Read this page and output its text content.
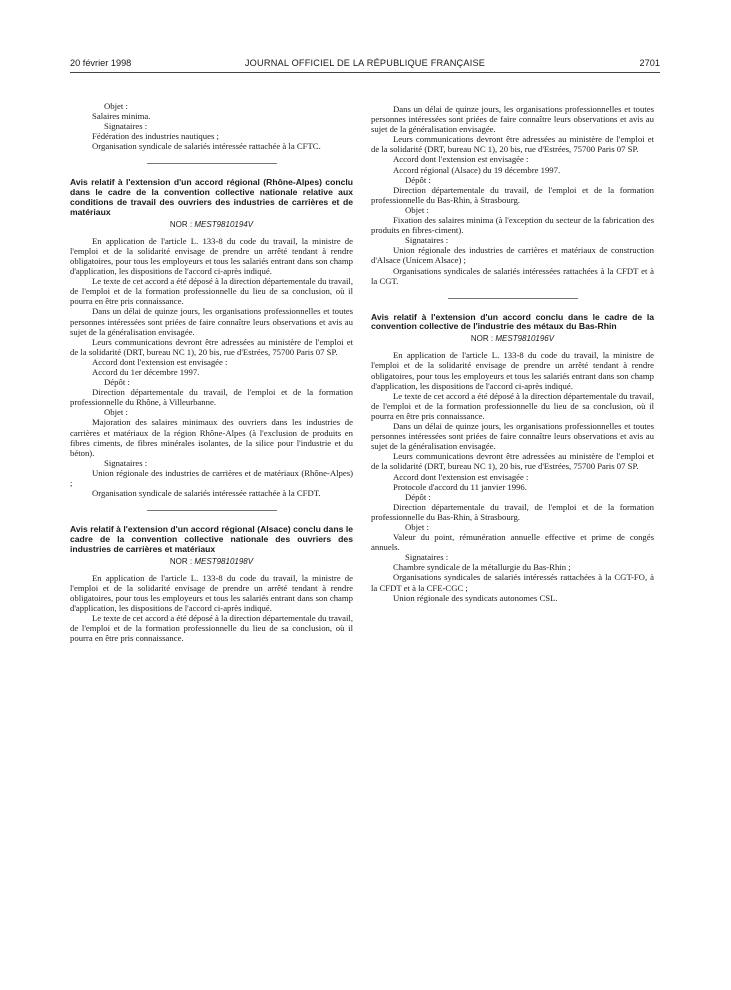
20 février 1998	JOURNAL OFFICIEL DE LA RÉPUBLIQUE FRANÇAISE	2701

Objet :

Salaires minima.

Signataires :

Fédération des industries nautiques ;

Organisation syndicale de salariés intéressée rattachée à la CFTC.

Avis relatif à l'extension d'un accord régional (Rhône-Alpes) conclu dans le cadre de la convention collective nationale relative aux conditions de travail des ouvriers des industries de carrières et de matériaux

NOR : MEST9810194V

En application de l'article L. 133-8 du code du travail, la ministre de l'emploi et de la solidarité envisage de prendre un arrêté tendant à rendre obligatoires, pour tous les employeurs et tous les salariés entrant dans son champ d'application, les dispositions de l'accord ci-après indiqué.

Le texte de cet accord a été déposé à la direction départementale du travail, de l'emploi et de la formation professionnelle du lieu de sa conclusion, où il pourra en être pris connaissance.

Dans un délai de quinze jours, les organisations professionnelles et toutes personnes intéressées sont priées de faire connaître leurs observations et avis au sujet de la généralisation envisagée.

Leurs communications devront être adressées au ministère de l'emploi et de la solidarité (DRT, bureau NC 1), 20 bis, rue d'Estrées, 75700 Paris 07 SP.

Accord dont l'extension est envisagée :

Accord du 1er décembre 1997.

Dépôt :

Direction départementale du travail, de l'emploi et de la formation professionnelle du Rhône, à Villeurbanne.

Objet :

Majoration des salaires minimaux des ouvriers dans les industries de carrières et matériaux de la région Rhône-Alpes (à l'exclusion de produits en fibres ciments, de fibres minérales isolantes, de la silice pour l'industrie et du béton).

Signataires :

Union régionale des industries de carrières et de matériaux (Rhône-Alpes) ;

Organisation syndicale de salariés intéressée rattachée à la CFDT.

Avis relatif à l'extension d'un accord régional (Alsace) conclu dans le cadre de la convention collective nationale des ouvriers des industries de carrières et matériaux

NOR : MEST9810198V

En application de l'article L. 133-8 du code du travail, la ministre de l'emploi et de la solidarité envisage de prendre un arrêté tendant à rendre obligatoires, pour tous les employeurs et tous les salariés entrant dans son champ d'application, les dispositions de l'accord ci-après indiqué.

Le texte de cet accord a été déposé à la direction départementale du travail, de l'emploi et de la formation professionnelle du lieu de sa conclusion, où il pourra en être pris connaissance.

Dans un délai de quinze jours, les organisations professionnelles et toutes personnes intéressées sont priées de faire connaître leurs observations et avis au sujet de la généralisation envisagée.

Leurs communications devront être adressées au ministère de l'emploi et de la solidarité (DRT, bureau NC 1), 20 bis, rue d'Estrées, 75700 Paris 07 SP.

Accord dont l'extension est envisagée :

Accord régional (Alsace) du 19 décembre 1997.

Dépôt :

Direction départementale du travail, de l'emploi et de la formation professionnelle du Bas-Rhin, à Strasbourg.

Objet :

Fixation des salaires minima (à l'exception du secteur de la fabrication des produits en fibres-ciment).

Signataires :

Union régionale des industries de carrières et matériaux de construction d'Alsace (Unicem Alsace) ;

Organisations syndicales de salariés intéressées rattachées à la CFDT et à la CGT.

Avis relatif à l'extension d'un accord conclu dans le cadre de la convention collective de l'industrie des métaux du Bas-Rhin

NOR : MEST9810196V

En application de l'article L. 133-8 du code du travail, la ministre de l'emploi et de la solidarité envisage de prendre un arrêté tendant à rendre obligatoires, pour tous les employeurs et tous les salariés entrant dans son champ d'application, les dispositions de l'accord ci-après indiqué.

Le texte de cet accord a été déposé à la direction départementale du travail, de l'emploi et de la formation professionnelle du lieu de sa conclusion, où il pourra en être pris connaissance.

Dans un délai de quinze jours, les organisations professionnelles et toutes personnes intéressées sont priées de faire connaître leurs observations et avis au sujet de la généralisation envisagée.

Leurs communications devront être adressées au ministère de l'emploi et de la solidarité (DRT, bureau NC 1), 20 bis, rue d'Estrées, 75700 Paris 07 SP.

Accord dont l'extension est envisagée :

Protocole d'accord du 11 janvier 1996.

Dépôt :

Direction départementale du travail, de l'emploi et de la formation professionnelle du Bas-Rhin, à Strasbourg.

Objet :

Valeur du point, rémunération annuelle effective et prime de congés annuels.

Signataires :

Chambre syndicale de la métallurgie du Bas-Rhin ;

Organisations syndicales de salariés intéressés rattachées à la CGT-FO, à la CFDT et à la CFE-CGC ;

Union régionale des syndicats autonomes CSL.
